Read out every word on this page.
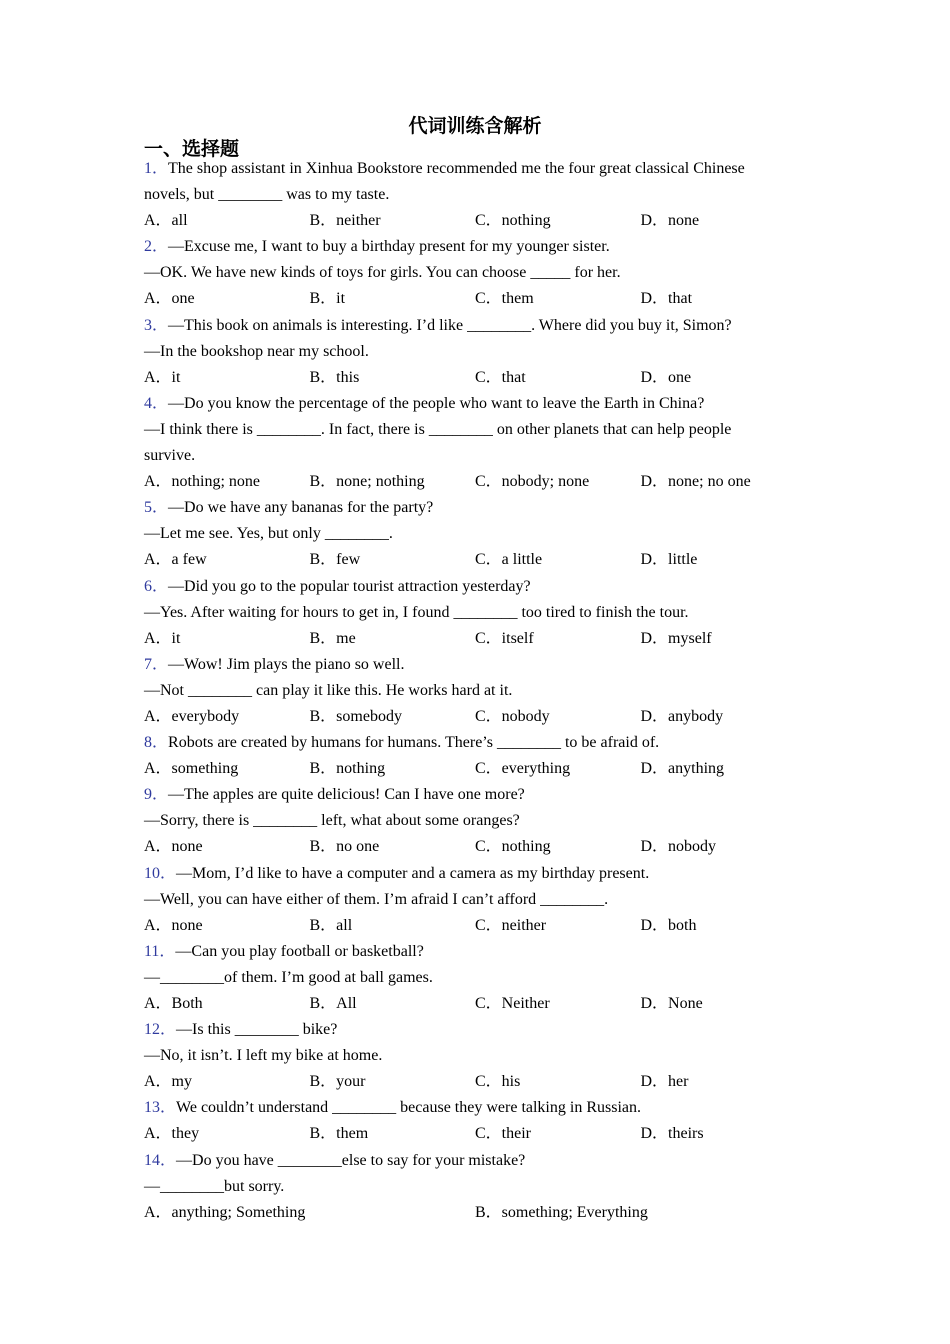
代词训练含解析
一、选择题
1．The shop assistant in Xinhua Bookstore recommended me the four great classical Chinese novels, but ________ was to my taste.
A．all	B．neither	C．nothing	D．none
2．—Excuse me, I want to buy a birthday present for my younger sister.
—OK. We have new kinds of toys for girls. You can choose _____ for her.
A．one	B．it	C．them	D．that
3．—This book on animals is interesting. I’d like ________. Where did you buy it, Simon?
—In the bookshop near my school.
A．it	B．this	C．that	D．one
4．—Do you know the percentage of the people who want to leave the Earth in China?
—I think there is ________. In fact, there is ________ on other planets that can help people survive.
A．nothing; none	B．none; nothing	C．nobody; none	D．none; no one
5．—Do we have any bananas for the party?
—Let me see. Yes, but only ________.
A．a few	B．few	C．a little	D．little
6．—Did you go to the popular tourist attraction yesterday?
—Yes. After waiting for hours to get in, I found ________ too tired to finish the tour.
A．it	B．me	C．itself	D．myself
7．—Wow! Jim plays the piano so well.
—Not ________ can play it like this. He works hard at it.
A．everybody	B．somebody	C．nobody	D．anybody
8．Robots are created by humans for humans. There’s ________ to be afraid of.
A．something	B．nothing	C．everything	D．anything
9．—The apples are quite delicious! Can I have one more?
—Sorry, there is ________ left, what about some oranges?
A．none	B．no one	C．nothing	D．nobody
10．—Mom, I’d like to have a computer and a camera as my birthday present.
—Well, you can have either of them. I’m afraid I can’t afford ________.
A．none	B．all	C．neither	D．both
11．—Can you play football or basketball?
—________of them. I’m good at ball games.
A．Both	B．All	C．Neither	D．None
12．—Is this ________ bike?
—No, it isn’t. I left my bike at home.
A．my	B．your	C．his	D．her
13．We couldn’t understand ________ because they were talking in Russian.
A．they	B．them	C．their	D．theirs
14．—Do you have ________else to say for your mistake?
—________but sorry.
A．anything; Something	B．something; Everything
